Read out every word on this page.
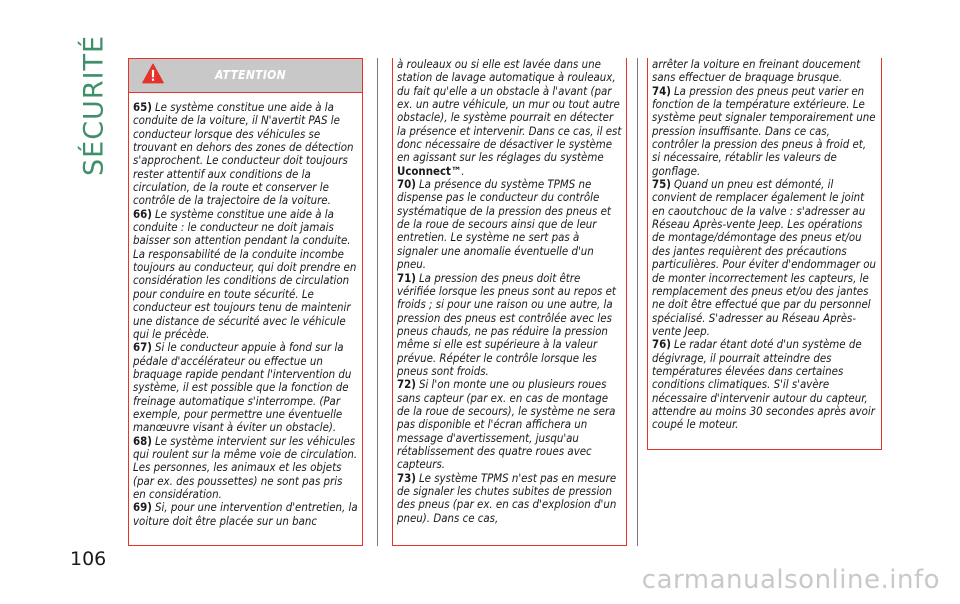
SÉCURITÉ	ATTENTION

65) Le système constitue une aide à la conduite de la voiture, il N'avertit PAS le conducteur lorsque des véhicules se trouvant en dehors des zones de détection s'approchent. Le conducteur doit toujours rester attentif aux conditions de la circulation, de la route et conserver le contrôle de la trajectoire de la voiture.

66) Le système constitue une aide à la conduite : le conducteur ne doit jamais baisser son attention pendant la conduite. La responsabilité de la conduite incombe toujours au conducteur, qui doit prendre en considération les conditions de circulation pour conduire en toute sécurité. Le conducteur est toujours tenu de maintenir une distance de sécurité avec le véhicule qui le précède.

67) Si le conducteur appuie à fond sur la pédale d'accélérateur ou effectue un braquage rapide pendant l'intervention du système, il est possible que la fonction de freinage automatique s'interrompe. (Par exemple, pour permettre une éventuelle manœuvre visant à éviter un obstacle).

68) Le système intervient sur les véhicules qui roulent sur la même voie de circulation. Les personnes, les animaux et les objets (par ex. des poussettes) ne sont pas pris en considération.

69) Si, pour une intervention d'entretien, la voiture doit être placée sur un banc

à rouleaux ou si elle est lavée dans une station de lavage automatique à rouleaux, du fait qu'elle a un obstacle à l'avant (par ex. un autre véhicule, un mur ou tout autre obstacle), le système pourrait en détecter la présence et intervenir. Dans ce cas, il est donc nécessaire de désactiver le système en agissant sur les réglages du système Uconnect™.

70) La présence du système TPMS ne dispense pas le conducteur du contrôle systématique de la pression des pneus et de la roue de secours ainsi que de leur entretien. Le système ne sert pas à signaler une anomalie éventuelle d'un pneu.

71) La pression des pneus doit être vérifiée lorsque les pneus sont au repos et froids ; si pour une raison ou une autre, la pression des pneus est contrôlée avec les pneus chauds, ne pas réduire la pression même si elle est supérieure à la valeur prévue. Répéter le contrôle lorsque les pneus sont froids.

72) Si l'on monte une ou plusieurs roues sans capteur (par ex. en cas de montage de la roue de secours), le système ne sera pas disponible et l'écran affichera un message d'avertissement, jusqu'au rétablissement des quatre roues avec capteurs.

73) Le système TPMS n'est pas en mesure de signaler les chutes subites de pression des pneus (par ex. en cas d'explosion d'un pneu). Dans ce cas,

arrêter la voiture en freinant doucement sans effectuer de braquage brusque.

74) La pression des pneus peut varier en fonction de la température extérieure. Le système peut signaler temporairement une pression insuffisante. Dans ce cas, contrôler la pression des pneus à froid et, si nécessaire, rétablir les valeurs de gonflage.

75) Quand un pneu est démonté, il convient de remplacer également le joint en caoutchouc de la valve : s'adresser au Réseau Après-vente Jeep. Les opérations de montage/démontage des pneus et/ou des jantes requièrent des précautions particulières. Pour éviter d'endommager ou de monter incorrectement les capteurs, le remplacement des pneus et/ou des jantes ne doit être effectué que par du personnel spécialisé. S'adresser au Réseau Après-vente Jeep.

76) Le radar étant doté d'un système de dégivrage, il pourrait atteindre des températures élevées dans certaines conditions climatiques. S'il s'avère nécessaire d'intervenir autour du capteur, attendre au moins 30 secondes après avoir coupé le moteur.

106
carmanualsonline.info
